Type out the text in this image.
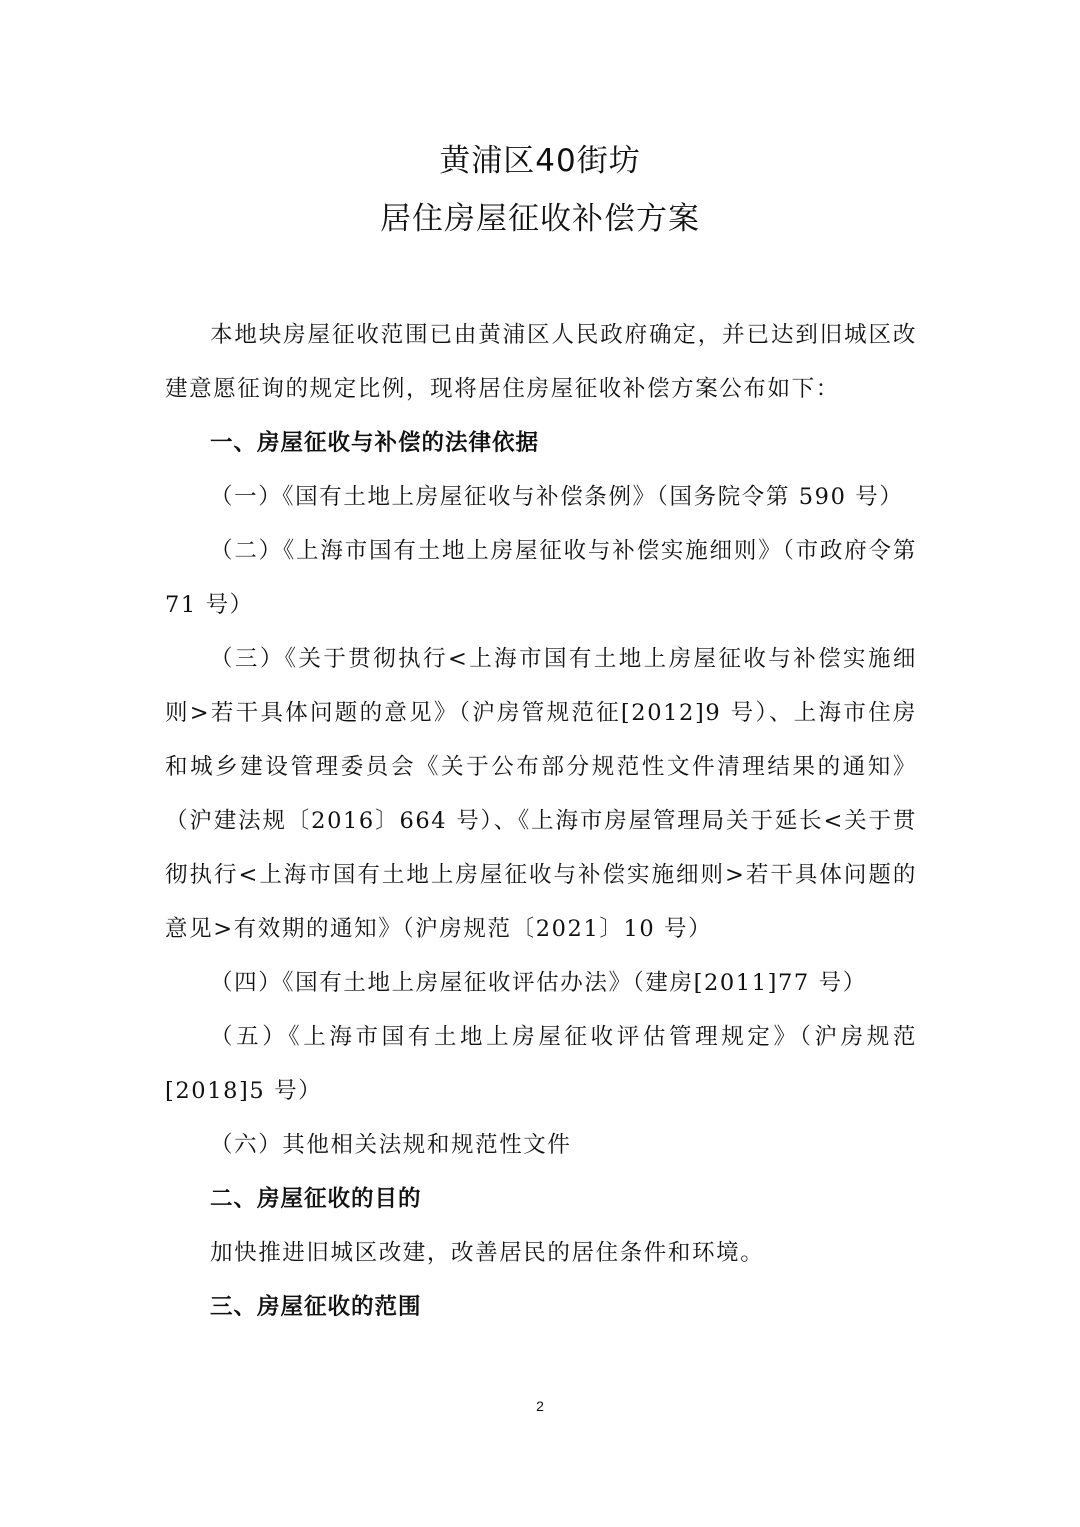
黄浦区40街坊
居住房屋征收补偿方案

本地块房屋征收范围已由黄浦区人民政府确定，并已达到旧城区改建意愿征询的规定比例，现将居住房屋征收补偿方案公布如下：

一、房屋征收与补偿的法律依据

（一）《国有土地上房屋征收与补偿条例》（国务院令第 590 号）

（二）《上海市国有土地上房屋征收与补偿实施细则》（市政府令第 71 号）

（三）《关于贯彻执行<上海市国有土地上房屋征收与补偿实施细则>若干具体问题的意见》（沪房管规范征[2012]9 号）、上海市住房和城乡建设管理委员会《关于公布部分规范性文件清理结果的通知》（沪建法规〔2016〕664 号）、《上海市房屋管理局关于延长<关于贯彻执行<上海市国有土地上房屋征收与补偿实施细则>若干具体问题的意见>有效期的通知》（沪房规范〔2021〕10 号）

（四）《国有土地上房屋征收评估办法》（建房[2011]77 号）

（五）《上海市国有土地上房屋征收评估管理规定》（沪房规范[2018]5 号）

（六）其他相关法规和规范性文件

二、房屋征收的目的

加快推进旧城区改建，改善居民的居住条件和环境。

三、房屋征收的范围

2
